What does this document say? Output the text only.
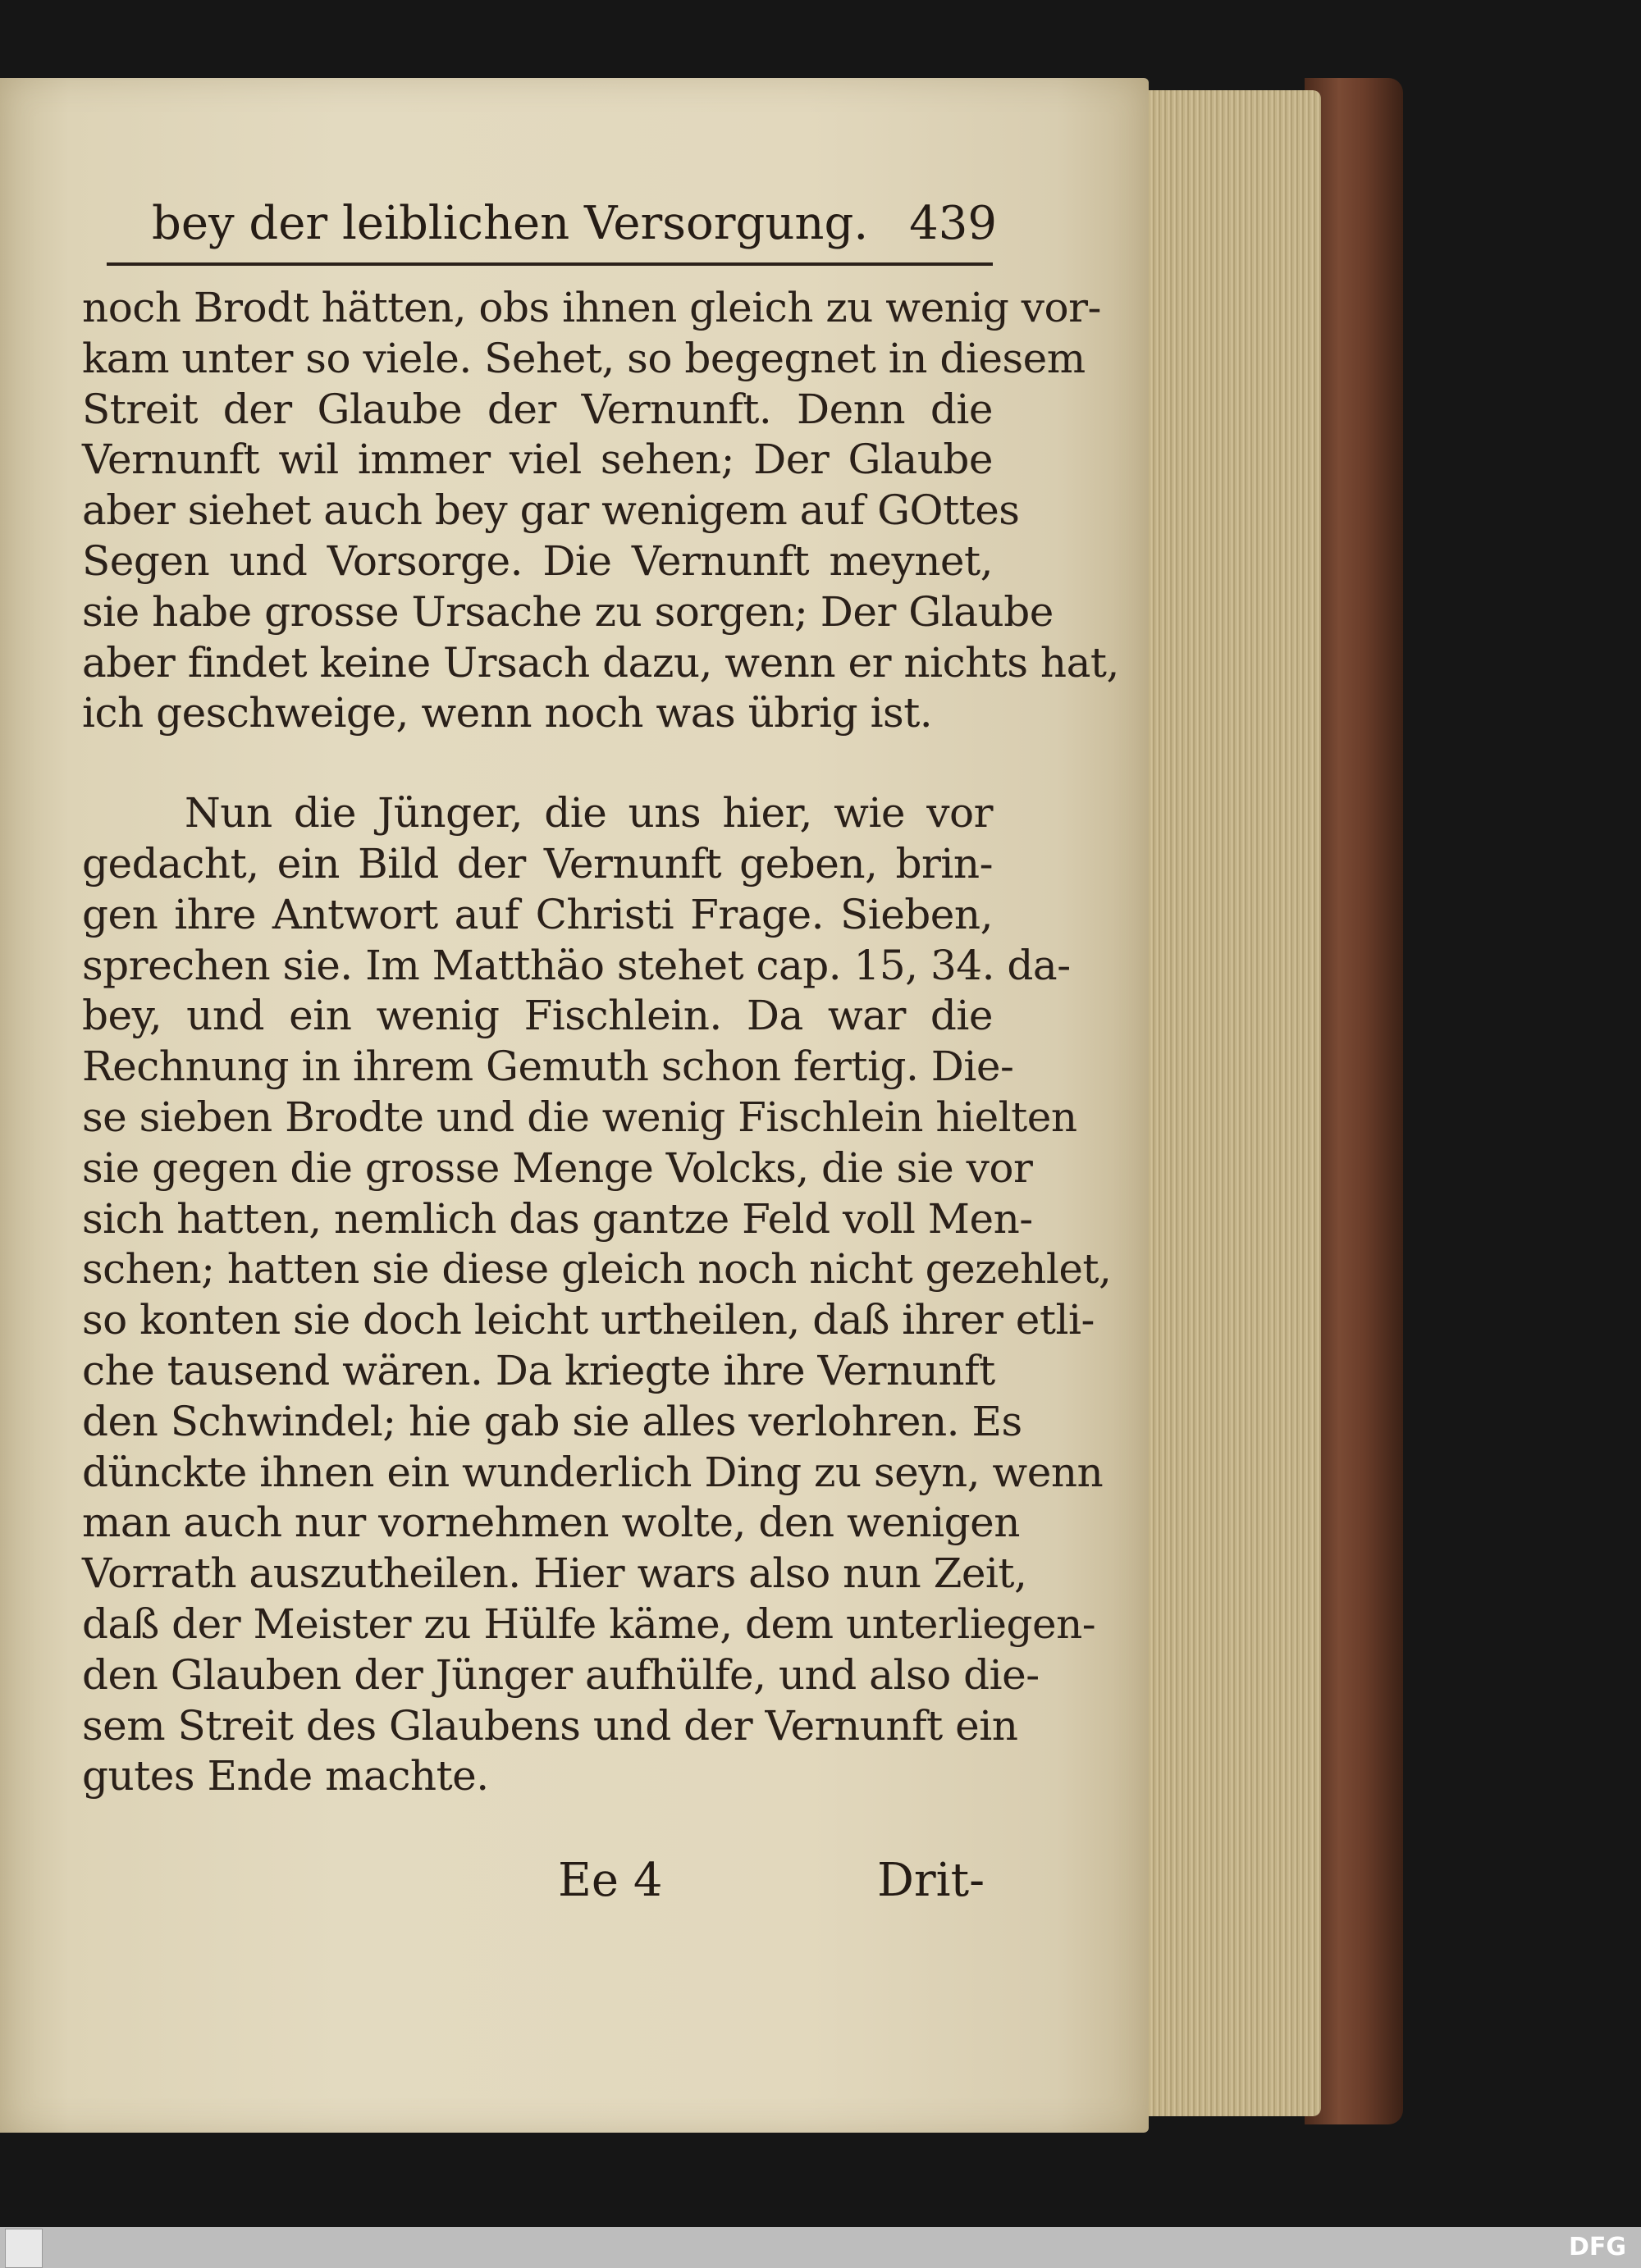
bey der leiblichen Versorgung. 439
noch Brodt hätten, obs ihnen gleich zu wenig vor-
kam unter so viele. Sehet, so begegnet in diesem
Streit der Glaube der Vernunft. Denn die
Vernunft wil immer viel sehen; Der Glaube
aber siehet auch bey gar wenigem auf GOttes
Segen und Vorsorge. Die Vernunft meynet,
sie habe grosse Ursache zu sorgen; Der Glaube
aber findet keine Ursach dazu, wenn er nichts hat,
ich geschweige, wenn noch was übrig ist.
Nun die Jünger, die uns hier, wie vor
gedacht, ein Bild der Vernunft geben, brin-
gen ihre Antwort auf Christi Frage. Sieben,
sprechen sie. Im Matthäo stehet cap. 15, 34. da-
bey, und ein wenig Fischlein. Da war die
Rechnung in ihrem Gemuth schon fertig. Die-
se sieben Brodte und die wenig Fischlein hielten
sie gegen die grosse Menge Volcks, die sie vor
sich hatten, nemlich das gantze Feld voll Men-
schen; hatten sie diese gleich noch nicht gezehlet,
so konten sie doch leicht urtheilen, daß ihrer etli-
che tausend wären. Da kriegte ihre Vernunft
den Schwindel; hie gab sie alles verlohren. Es
dünckte ihnen ein wunderlich Ding zu seyn, wenn
man auch nur vornehmen wolte, den wenigen
Vorrath auszutheilen. Hier wars also nun Zeit,
daß der Meister zu Hülfe käme, dem unterliegen-
den Glauben der Jünger aufhülfe, und also die-
sem Streit des Glaubens und der Vernunft ein
gutes Ende machte.
Ee 4	Drit-
DFG
